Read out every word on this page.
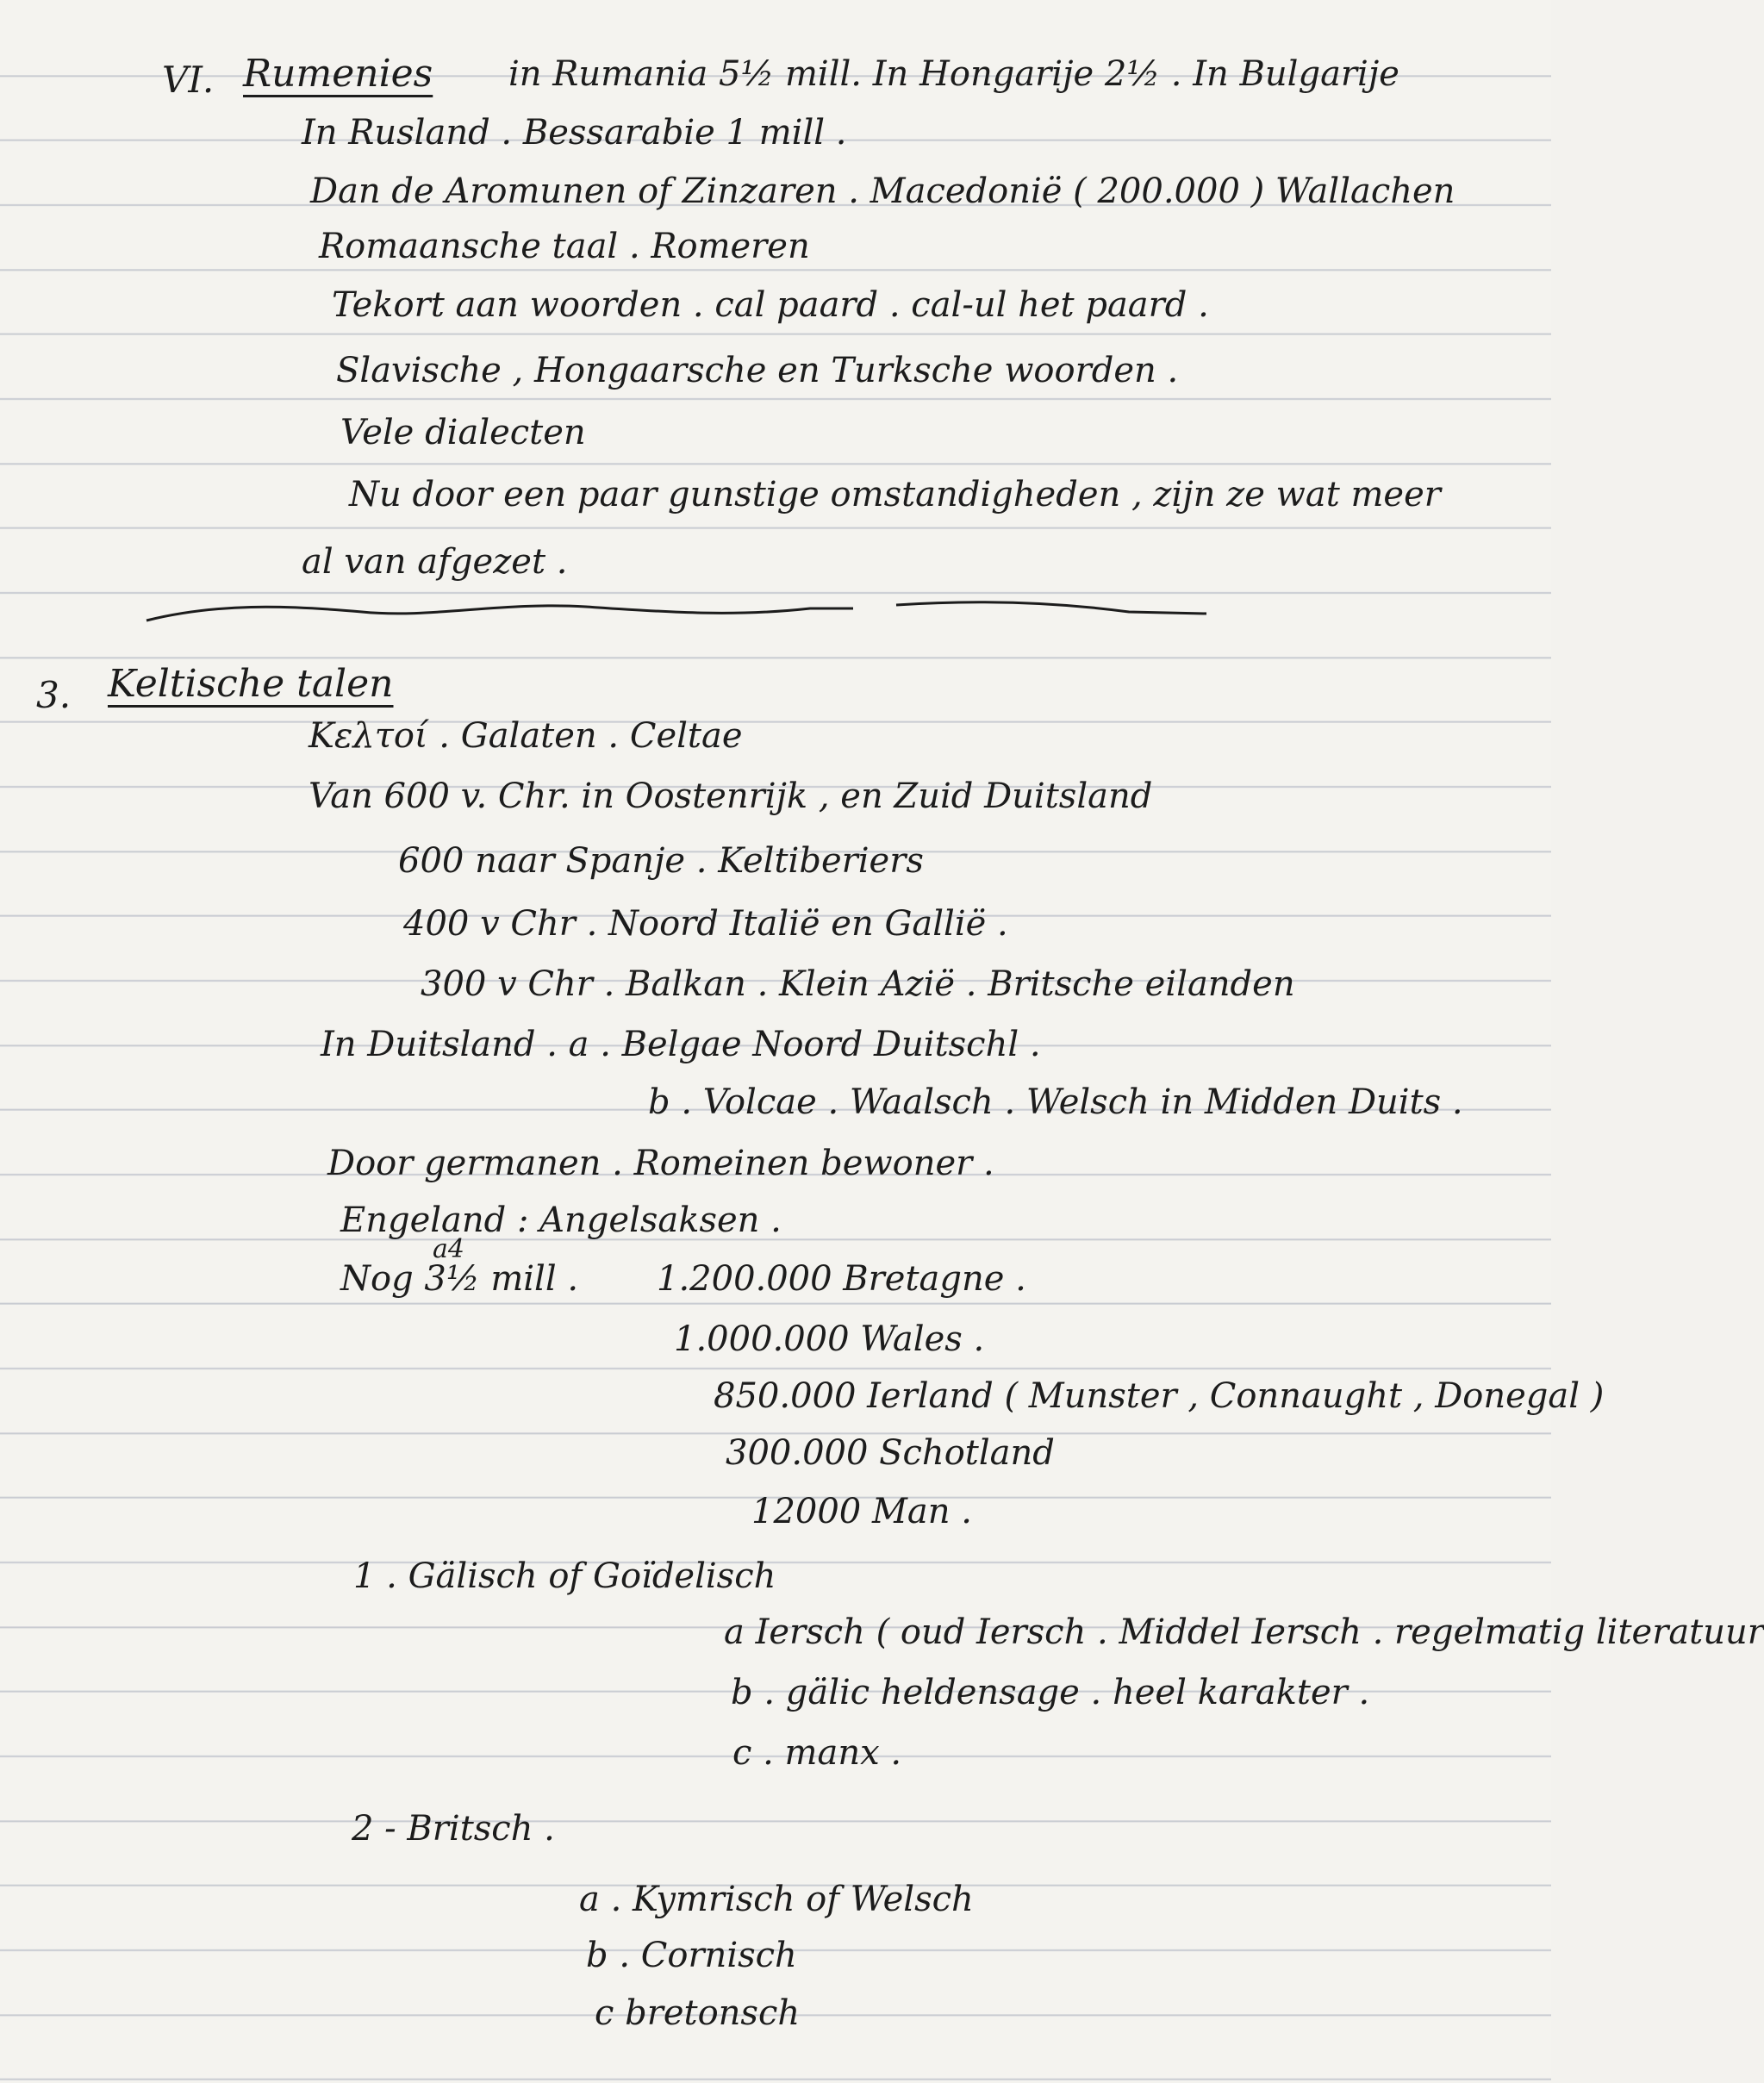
VI. Rumenies in Rumania 5½ mill. In Hongarije 2½ . In Bulgarije
In Rusland . Bessarabie 1 mill .
Dan de Aromunen of Zinzaren . Macedonië ( 200.000 ) Wallachen
Romaansche taal . Romeren
Tekort aan woorden . cal paard . cal-ul het paard .
Slavische , Hongaarsche en Turksche woorden .
Vele dialecten
Nu door een paar gunstige omstandigheden , zijn ze wat meer
al van afgezet .
3. Keltische talen
Κελτοί . Galaten . Celtae
Van 600 v. Chr. in Oostenrijk , en Zuid Duitsland
600 naar Spanje . Keltiberiers
400 v Chr . Noord Italië en Gallië .
300 v Chr . Balkan . Klein Azië . Britsche eilanden
In Duitsland . a . Belgae Noord Duitschl .
b . Volcae . Waalsch . Welsch in Midden Duits .
Door germanen . Romeinen bewoner .
Engeland : Angelsaksen .
a4
Nog 3½ mill . 1.200.000 Bretagne .
1.000.000 Wales .
850.000 Ierland ( Munster , Connaught , Donegal )
300.000 Schotland
12000 Man .
1 . Gälisch of Goïdelisch
a Iersch ( oud Iersch . Middel Iersch . regelmatig literatuur
b . gälic heldensage . heel karakter .
c . manx .
2 - Britsch .
a . Kymrisch of Welsch
b . Cornisch
c bretonsch
